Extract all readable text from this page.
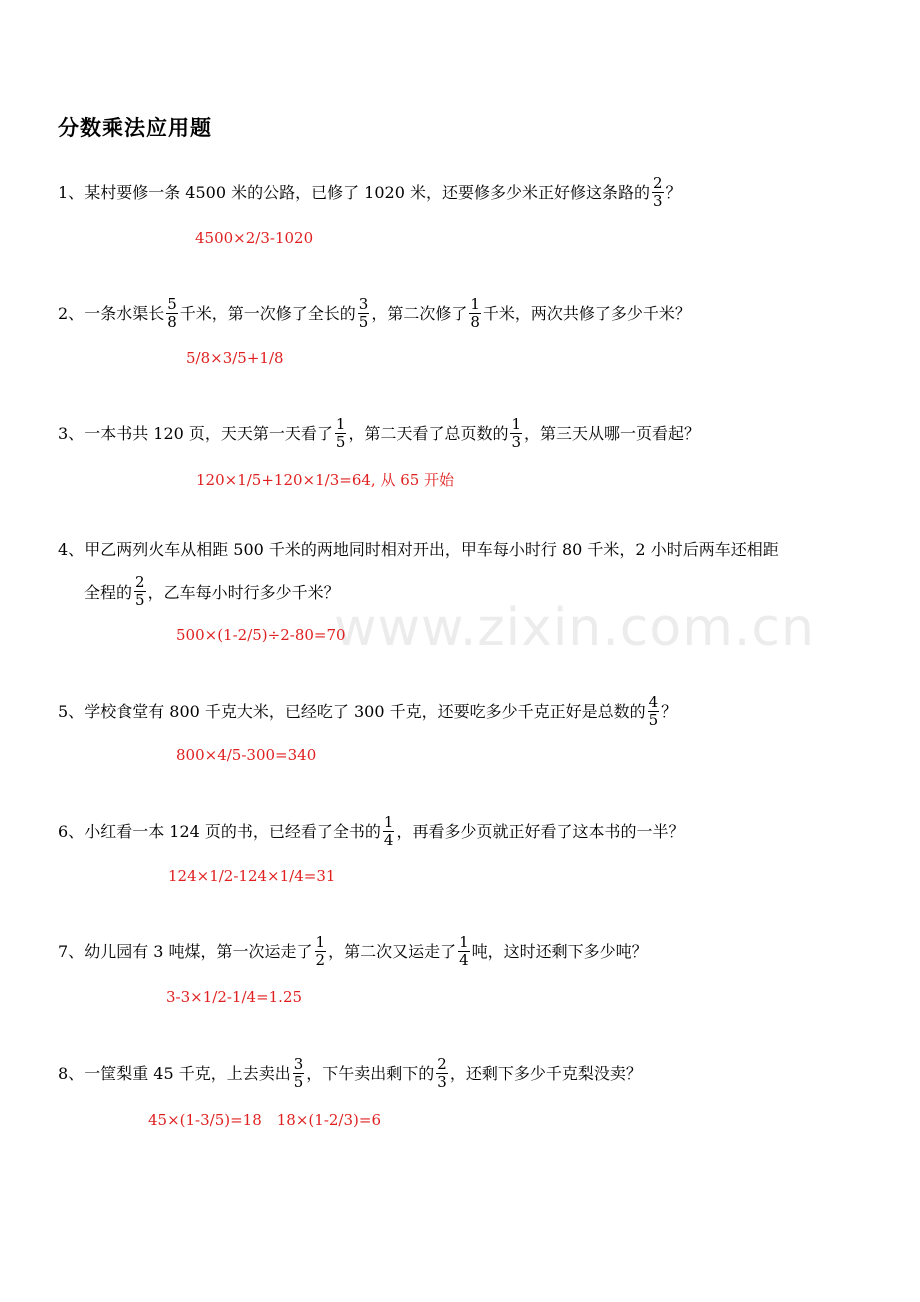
分数乘法应用题
www.zixin.com.cn
1、 某村要修一条 4500 米的公路，已修了 1020 米，还要修多少米正好修这条路的 $\frac{2}{3}$ ？
4500×2/3-1020
2、 一条水渠长 $\frac{5}{8}$ 千米，第一次修了全长的 $\frac{3}{5}$ ，第二次修了 $\frac{1}{8}$ 千米，两次共修了多少千米？
5/8×3/5+1/8
3、 一本书共 120 页，天天第一天看了 $\frac{1}{5}$ ，第二天看了总页数的 $\frac{1}{3}$ ，第三天从哪一页看起？
120×1/5+120×1/3=64, 从 65 开始
4、 甲乙两列火车从相距 500 千米的两地同时相对开出，甲车每小时行 80 千米，2 小时后两车还相距
全程的 $\frac{2}{5}$ ，乙车每小时行多少千米？
500×(1-2/5)÷2-80=70
5、 学校食堂有 800 千克大米，已经吃了 300 千克，还要吃多少千克正好是总数的 $\frac{4}{5}$ ？
800×4/5-300=340
6、 小红看一本 124 页的书，已经看了全书的 $\frac{1}{4}$ ，再看多少页就正好看了这本书的一半？
124×1/2-124×1/4=31
7、 幼儿园有 3 吨煤，第一次运走了 $\frac{1}{2}$ ，第二次又运走了 $\frac{1}{4}$ 吨，这时还剩下多少吨？
3-3×1/2-1/4=1.25
8、 一筐梨重 45 千克，上去卖出 $\frac{3}{5}$ ，下午卖出剩下的 $\frac{2}{3}$ ，还剩下多少千克梨没卖？
45×(1-3/5)=18　18×(1-2/3)=6
